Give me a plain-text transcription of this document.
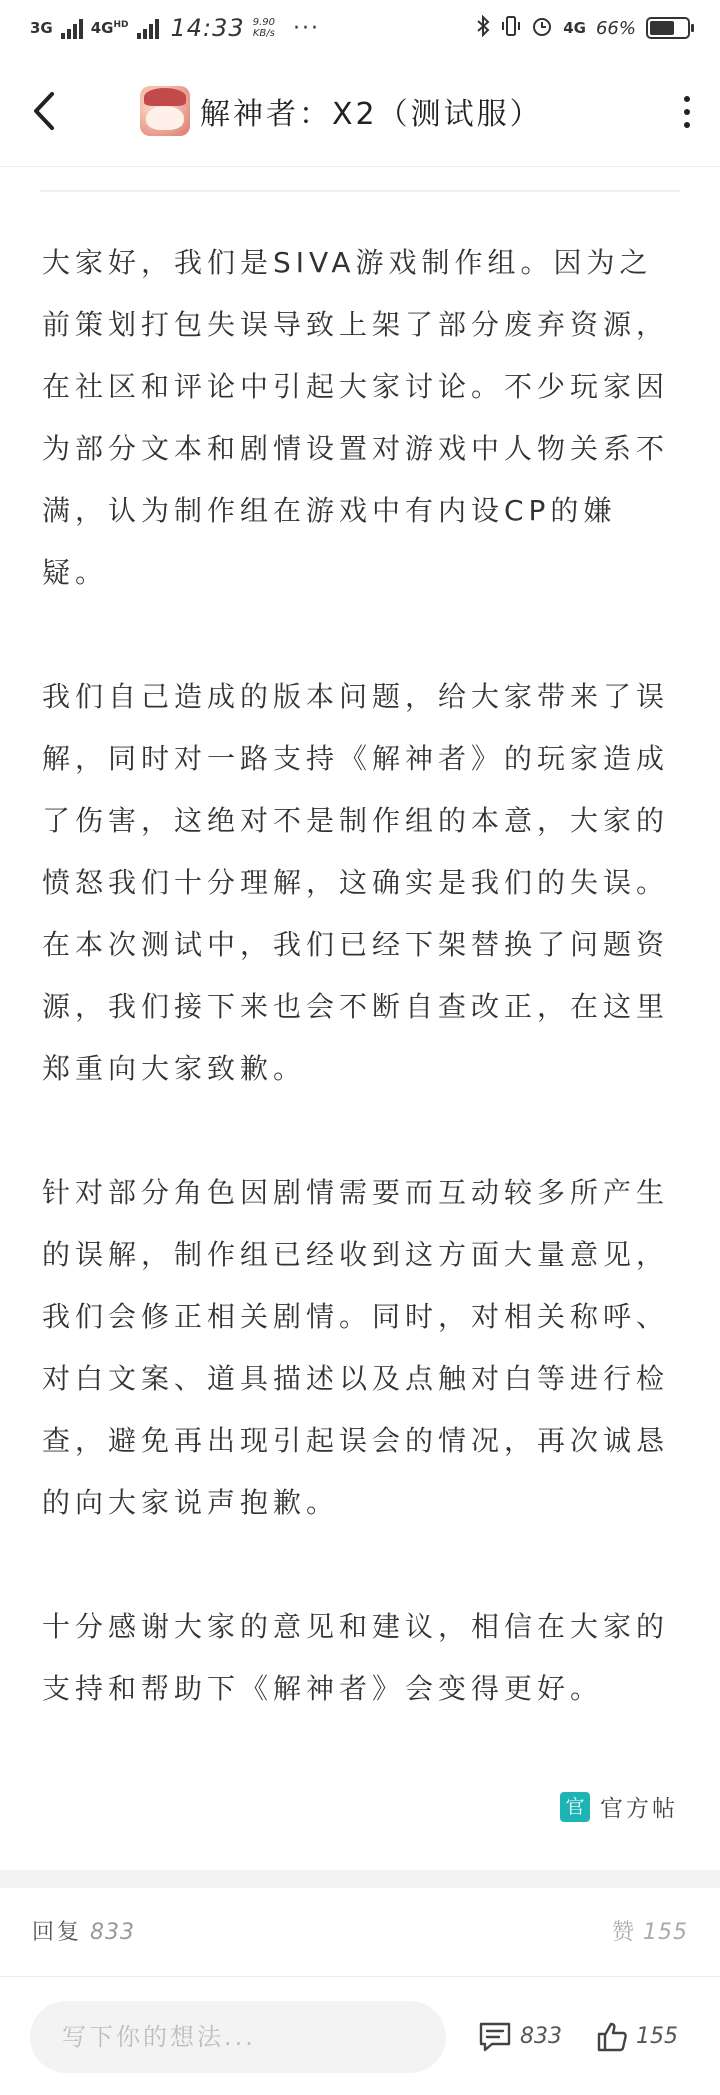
3G	$4G^{HD}$ 14:33 9.90
KB/s ···	4G 66%
解神者：X2（测试服）

大家好，我们是SIVA游戏制作组。因为之前策划打包失误导致上架了部分废弃资源，在社区和评论中引起大家讨论。不少玩家因为部分文本和剧情设置对游戏中人物关系不满，认为制作组在游戏中有内设CP的嫌疑。

我们自己造成的版本问题，给大家带来了误解，同时对一路支持《解神者》的玩家造成了伤害，这绝对不是制作组的本意，大家的愤怒我们十分理解，这确实是我们的失误。在本次测试中，我们已经下架替换了问题资源，我们接下来也会不断自查改正，在这里郑重向大家致歉。

针对部分角色因剧情需要而互动较多所产生的误解，制作组已经收到这方面大量意见，我们会修正相关剧情。同时，对相关称呼、对白文案、道具描述以及点触对白等进行检查，避免再出现引起误会的情况，再次诚恳的向大家说声抱歉。

十分感谢大家的意见和建议，相信在大家的支持和帮助下《解神者》会变得更好。

官 官方帖
回复 833	赞 155
写下你的想法...
833	155
